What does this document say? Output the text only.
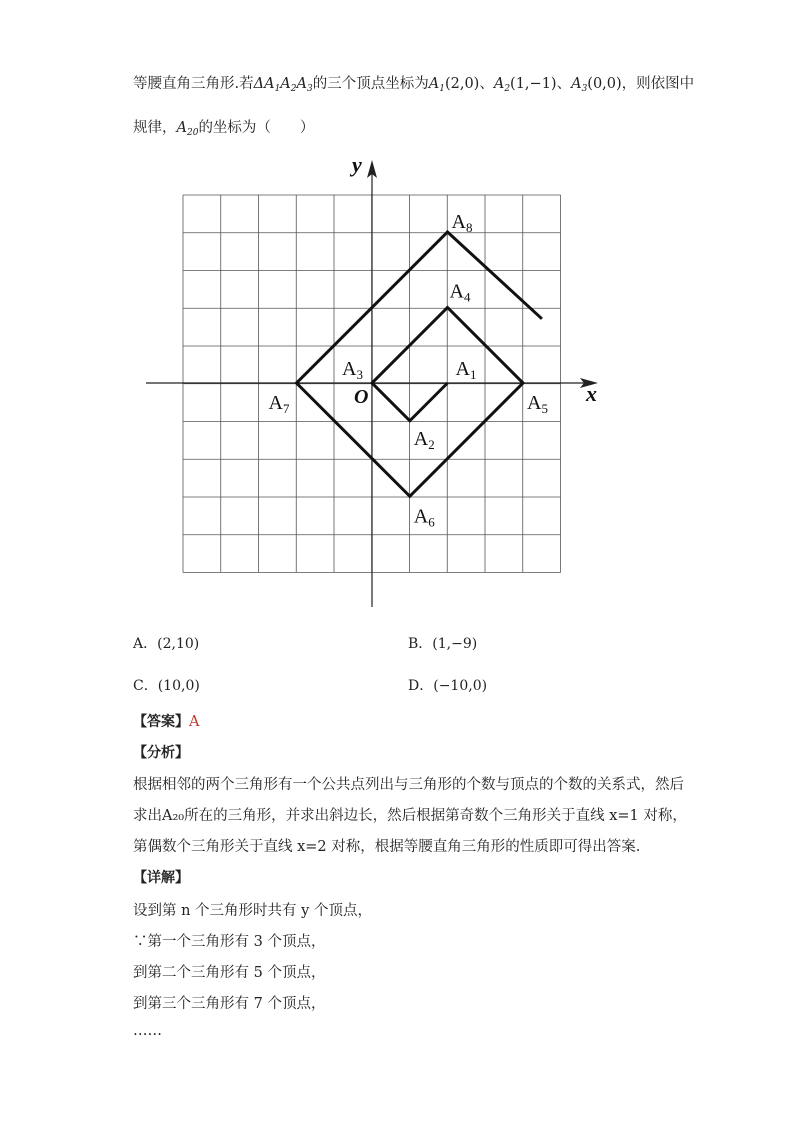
等腰直角三角形.若$\Delta A_1A_2A_3$的三个顶点坐标为$A_1(2,0)$、$A_2(1,-1)$、$A_3(0,0)$，则依图中
规律，$A_{20}$的坐标为（　　）
x
y
O
$A_1$
$A_2$
$A_3$
$A_4$
$A_5$
$A_6$
$A_7$
$A_8$
A．(2,10)	B．(1,−9)
C．(10,0)	D．(−10,0)
【答案】A
【分析】
根据相邻的两个三角形有一个公共点列出与三角形的个数与顶点的个数的关系式，然后
求出A₂₀所在的三角形，并求出斜边长，然后根据第奇数个三角形关于直线 x=1 对称，
第偶数个三角形关于直线 x=2 对称，根据等腰直角三角形的性质即可得出答案.
【详解】
设到第 n 个三角形时共有 y 个顶点，
∵第一个三角形有 3 个顶点，
到第二个三角形有 5 个顶点，
到第三个三角形有 7 个顶点，
……
